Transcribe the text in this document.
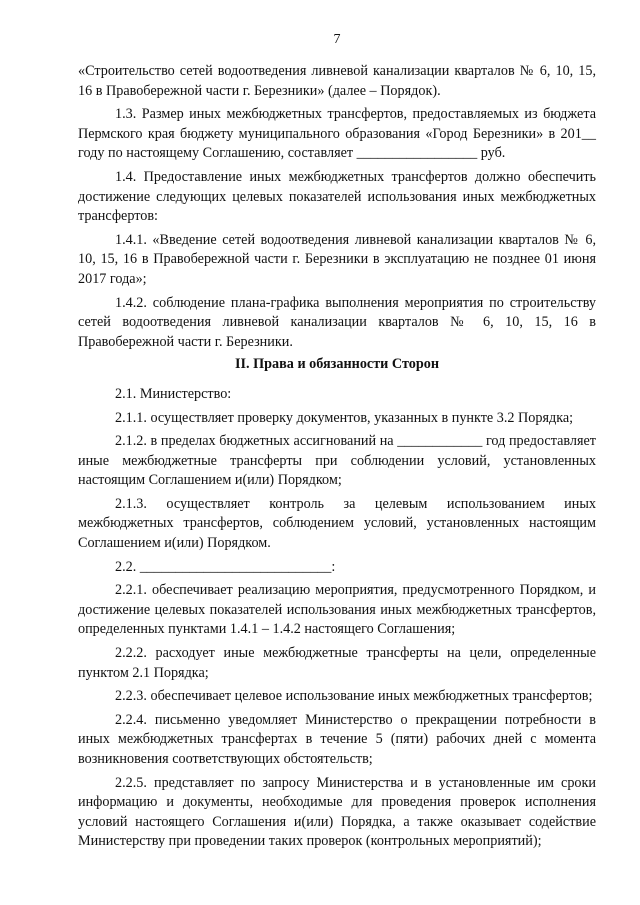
7

«Строительство сетей водоотведения ливневой канализации кварталов № 6, 10, 15, 16 в Правобережной части г. Березники» (далее – Порядок).

1.3. Размер иных межбюджетных трансфертов, предоставляемых из бюджета Пермского края бюджету муниципального образования «Город Березники» в 201__ году по настоящему Соглашению, составляет _________________ руб.

1.4. Предоставление иных межбюджетных трансфертов должно обеспечить достижение следующих целевых показателей использования иных межбюджетных трансфертов:

1.4.1. «Введение сетей водоотведения ливневой канализации кварталов № 6, 10, 15, 16 в Правобережной части г. Березники в эксплуатацию не позднее 01 июня 2017 года»;

1.4.2. соблюдение плана-графика выполнения мероприятия по строительству сетей водоотведения ливневой канализации кварталов № 6, 10, 15, 16 в Правобережной части г. Березники.

II. Права и обязанности Сторон

2.1. Министерство:

2.1.1. осуществляет проверку документов, указанных в пункте 3.2 Порядка;

2.1.2. в пределах бюджетных ассигнований на ____________ год предоставляет иные межбюджетные трансферты при соблюдении условий, установленных настоящим Соглашением и(или) Порядком;

2.1.3. осуществляет контроль за целевым использованием иных межбюджетных трансфертов, соблюдением условий, установленных настоящим Соглашением и(или) Порядком.

2.2. ___________________________:

2.2.1. обеспечивает реализацию мероприятия, предусмотренного Порядком, и достижение целевых показателей использования иных межбюджетных трансфертов, определенных пунктами 1.4.1 – 1.4.2 настоящего Соглашения;

2.2.2. расходует иные межбюджетные трансферты на цели, определенные пунктом 2.1 Порядка;

2.2.3. обеспечивает целевое использование иных межбюджетных трансфертов;

2.2.4. письменно уведомляет Министерство о прекращении потребности в иных межбюджетных трансфертах в течение 5 (пяти) рабочих дней с момента возникновения соответствующих обстоятельств;

2.2.5. представляет по запросу Министерства и в установленные им сроки информацию и документы, необходимые для проведения проверок исполнения условий настоящего Соглашения и(или) Порядка, а также оказывает содействие Министерству при проведении таких проверок (контрольных мероприятий);
